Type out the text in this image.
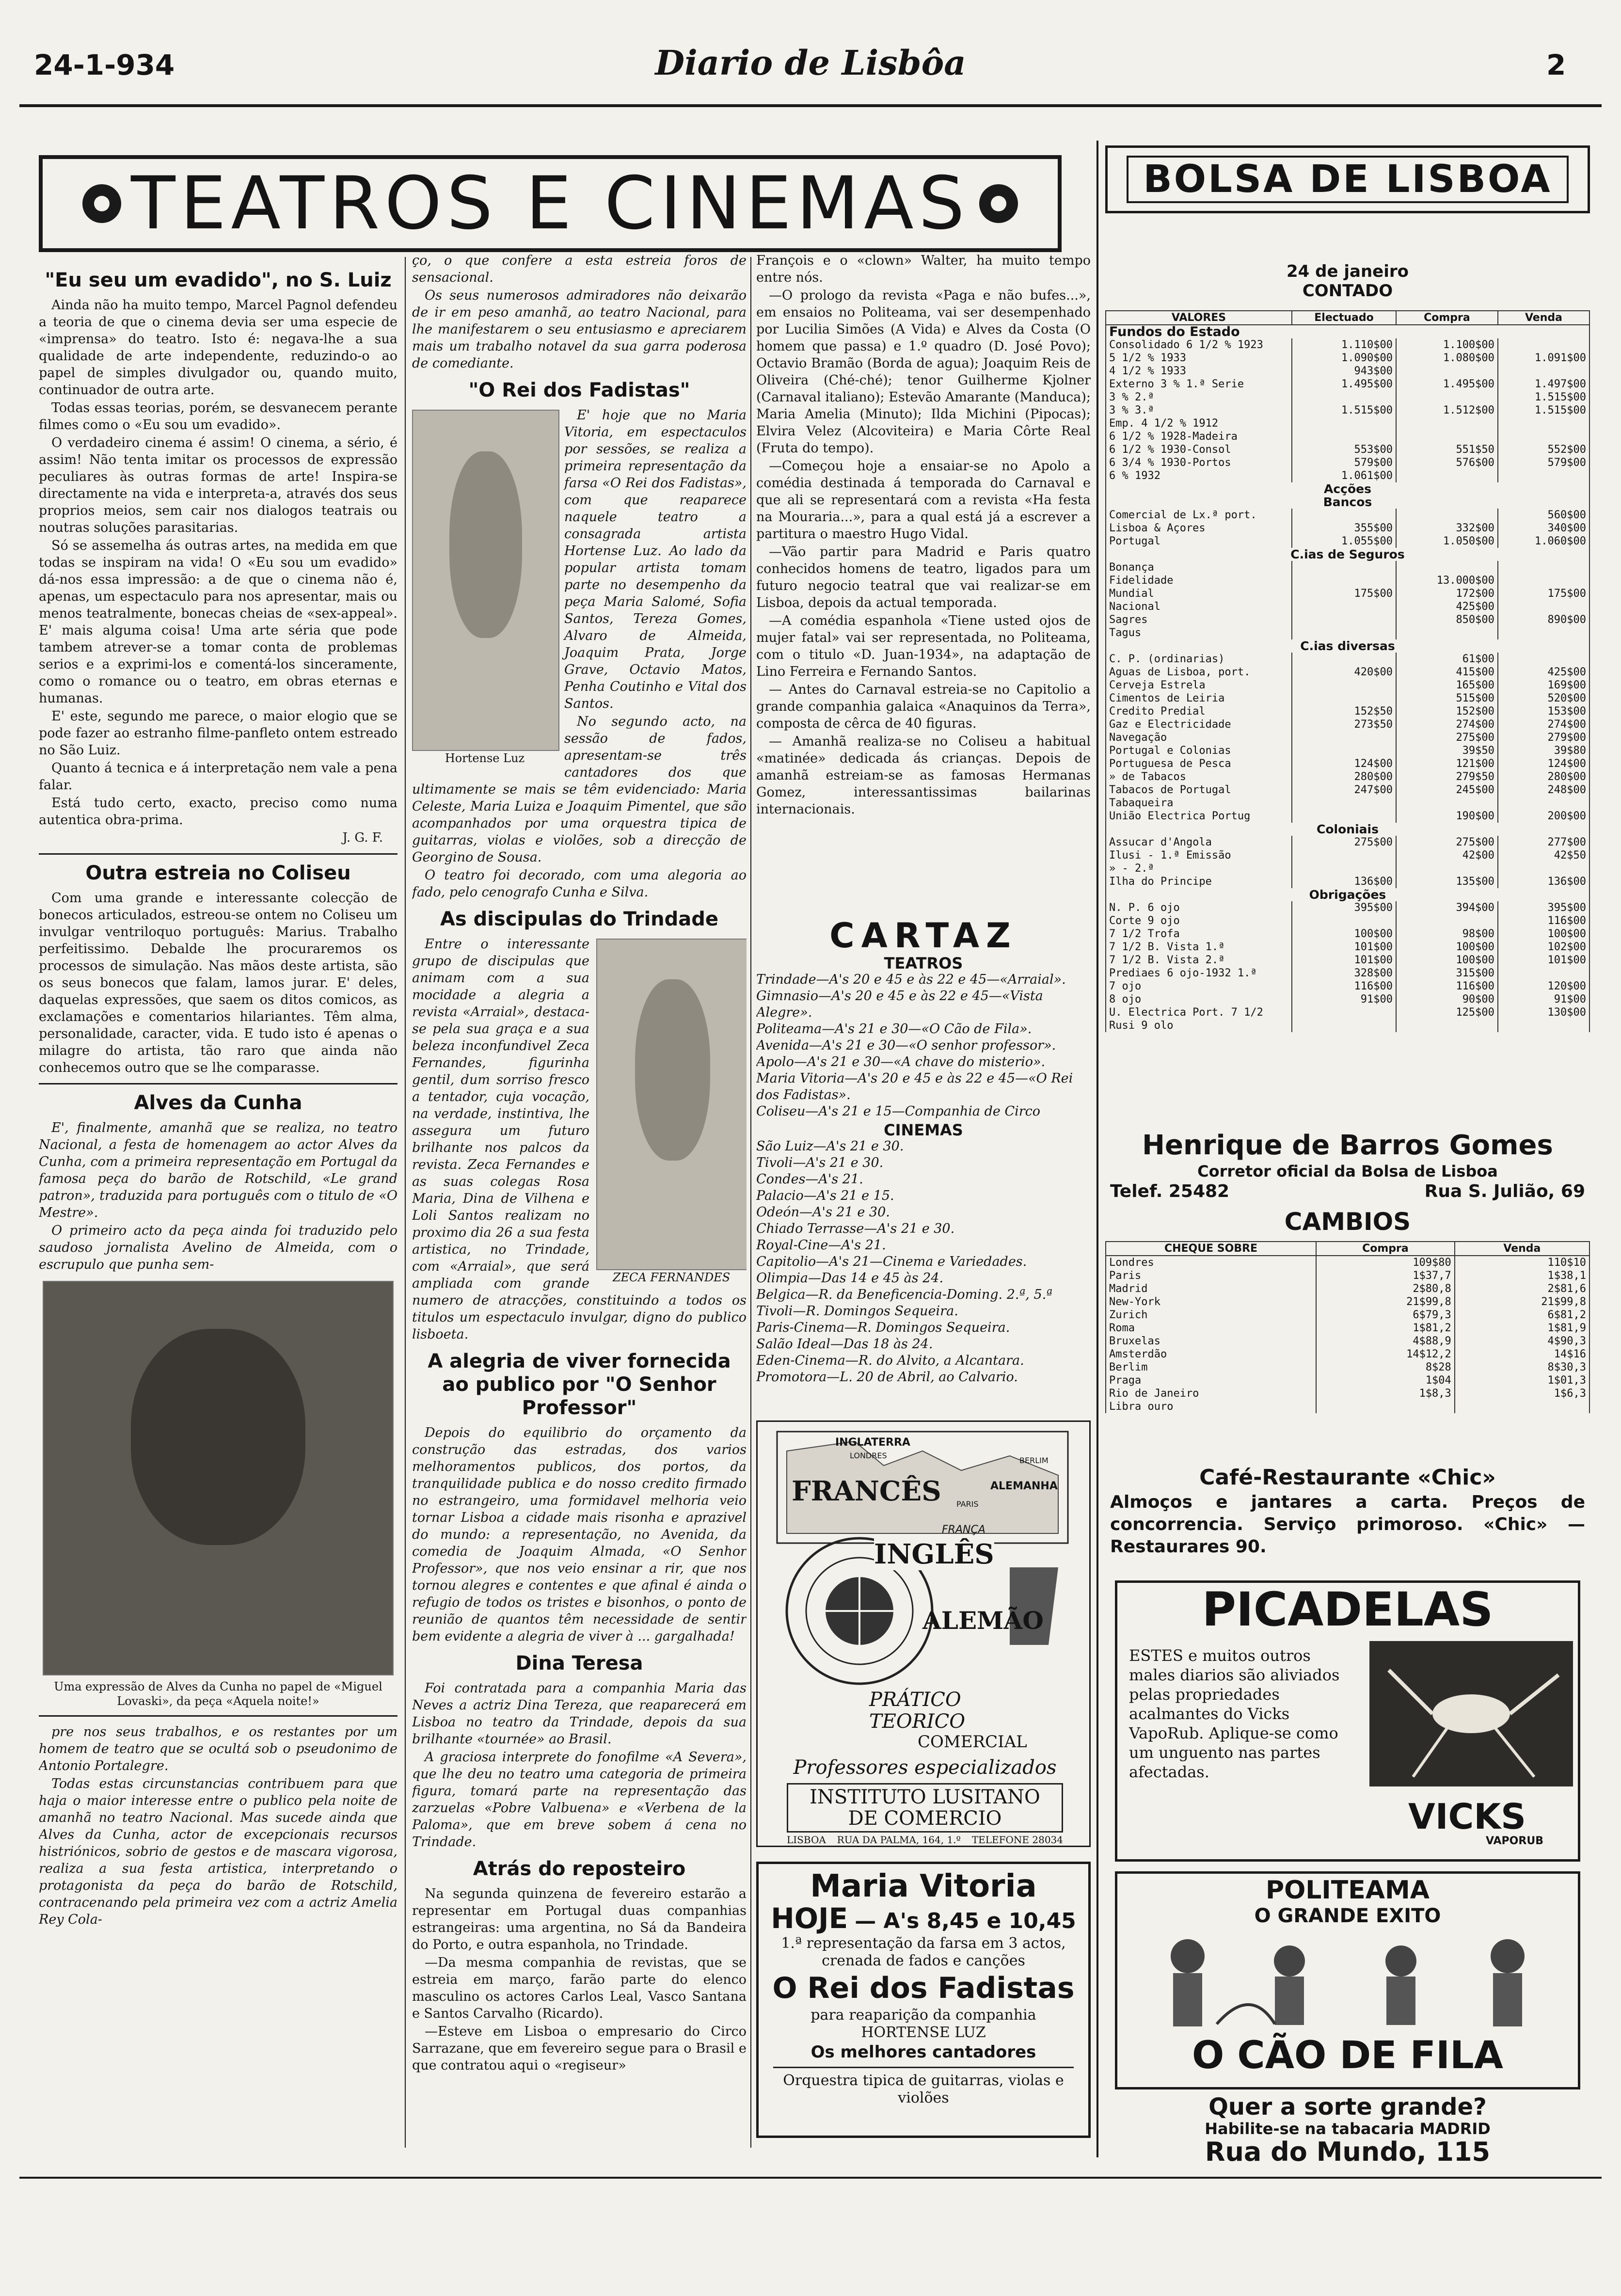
24-1-934	Diario de Lisbôa	2
TEATROS E CINEMAS
"Eu seu um evadido", no S. Luiz

Ainda não ha muito tempo, Marcel Pagnol defendeu a teoria de que o cinema devia ser uma especie de «imprensa» do teatro. Isto é: negava-lhe a sua qualidade de arte independente, reduzindo-o ao papel de simples divulgador ou, quando muito, continuador de outra arte.

Todas essas teorias, porém, se desvanecem perante filmes como o «Eu sou um evadido».

O verdadeiro cinema é assim! O cinema, a sério, é assim! Não tenta imitar os processos de expressão peculiares às outras formas de arte! Inspira-se directamente na vida e interpreta-a, através dos seus proprios meios, sem cair nos dialogos teatrais ou noutras soluções parasitarias.

Só se assemelha ás outras artes, na medida em que todas se inspiram na vida! O «Eu sou um evadido» dá-nos essa impressão: a de que o cinema não é, apenas, um espectaculo para nos apresentar, mais ou menos teatralmente, bonecas cheias de «sex-appeal». E' mais alguma coisa! Uma arte séria que pode tambem atrever-se a tomar conta de problemas serios e a exprimi-los e comentá-los sinceramente, como o romance ou o teatro, em obras eternas e humanas.

E' este, segundo me parece, o maior elogio que se pode fazer ao estranho filme-panfleto ontem estreado no São Luiz.

Quanto á tecnica e á interpretação nem vale a pena falar.

Está tudo certo, exacto, preciso como numa autentica obra-prima.

J. G. F.
Outra estreia no Coliseu

Com uma grande e interessante colecção de bonecos articulados, estreou-se ontem no Coliseu um invulgar ventriloquo português: Marius. Trabalho perfeitissimo. Debalde lhe procuraremos os processos de simulação. Nas mãos deste artista, são os seus bonecos que falam, lamos jurar. E' deles, daquelas expressões, que saem os ditos comicos, as exclamações e comentarios hilariantes. Têm alma, personalidade, caracter, vida. E tudo isto é apenas o milagre do artista, tão raro que ainda não conhecemos outro que se lhe comparasse.

Alves da Cunha

E', finalmente, amanhã que se realiza, no teatro Nacional, a festa de homenagem ao actor Alves da Cunha, com a primeira representação em Portugal da famosa peça do barão de Rotschild, «Le grand patron», traduzida para português com o titulo de «O Mestre».

O primeiro acto da peça ainda foi traduzido pelo saudoso jornalista Avelino de Almeida, com o escrupulo que punha sem-

Uma expressão de Alves da Cunha no papel de «Miguel Lovaski», da peça «Aquela noite!»

pre nos seus trabalhos, e os restantes por um homem de teatro que se ocultá sob o pseudonimo de Antonio Portalegre.

Todas estas circunstancias contribuem para que haja o maior interesse entre o publico pela noite de amanhã no teatro Nacional. Mas sucede ainda que Alves da Cunha, actor de excepcionais recursos histriónicos, sobrio de gestos e de mascara vigorosa, realiza a sua festa artistica, interpretando o protagonista da peça do barão de Rotschild, contracenando pela primeira vez com a actriz Amelia Rey Cola-

ço, o que confere a esta estreia foros de sensacional.

Os seus numerosos admiradores não deixarão de ir em peso amanhã, ao teatro Nacional, para lhe manifestarem o seu entusiasmo e apreciarem mais um trabalho notavel da sua garra poderosa de comediante.

"O Rei dos Fadistas"
Hortense Luz

E' hoje que no Maria Vitoria, em espectaculos por sessões, se realiza a primeira representação da farsa «O Rei dos Fadistas», com que reaparece naquele teatro a consagrada artista Hortense Luz. Ao lado da popular artista tomam parte no desempenho da peça Maria Salomé, Sofia Santos, Tereza Gomes, Alvaro de Almeida, Joaquim Prata, Jorge Grave, Octavio Matos, Penha Coutinho e Vital dos Santos.

No segundo acto, na sessão de fados, apresentam-se três cantadores dos que ultimamente se mais se têm evidenciado: Maria Celeste, Maria Luiza e Joaquim Pimentel, que são acompanhados por uma orquestra tipica de guitarras, violas e violões, sob a direcção de Georgino de Sousa.

O teatro foi decorado, com uma alegoria ao fado, pelo cenografo Cunha e Silva.

As discipulas do Trindade
ZECA FERNANDES

Entre o interessante grupo de discipulas que animam com a sua mocidade a alegria a revista «Arraial», destaca-se pela sua graça e a sua beleza inconfundivel Zeca Fernandes, figurinha gentil, dum sorriso fresco a tentador, cuja vocação, na verdade, instintiva, lhe assegura um futuro brilhante nos palcos da revista. Zeca Fernandes e as suas colegas Rosa Maria, Dina de Vilhena e Loli Santos realizam no proximo dia 26 a sua festa artistica, no Trindade, com «Arraial», que será ampliada com grande numero de atracções, constituindo a todos os titulos um espectaculo invulgar, digno do publico lisboeta.

A alegria de viver fornecida ao publico por "O Senhor Professor"

Depois do equilibrio do orçamento da construção das estradas, dos varios melhoramentos publicos, dos portos, da tranquilidade publica e do nosso credito firmado no estrangeiro, uma formidavel melhoria veio tornar Lisboa a cidade mais risonha e aprazivel do mundo: a representação, no Avenida, da comedia de Joaquim Almada, «O Senhor Professor», que nos veio ensinar a rir, que nos tornou alegres e contentes e que afinal é ainda o refugio de todos os tristes e bisonhos, o ponto de reunião de quantos têm necessidade de sentir bem evidente a alegria de viver à ... gargalhada!

Dina Teresa

Foi contratada para a companhia Maria das Neves a actriz Dina Tereza, que reaparecerá em Lisboa no teatro da Trindade, depois da sua brilhante «tournée» ao Brasil.

A graciosa interprete do fonofilme «A Severa», que lhe deu no teatro uma categoria de primeira figura, tomará parte na representação das zarzuelas «Pobre Valbuena» e «Verbena de la Paloma», que em breve sobem á cena no Trindade.

Atrás do reposteiro

Na segunda quinzena de fevereiro estarão a representar em Portugal duas companhias estrangeiras: uma argentina, no Sá da Bandeira do Porto, e outra espanhola, no Trindade.

—Da mesma companhia de revistas, que se estreia em março, farão parte do elenco masculino os actores Carlos Leal, Vasco Santana e Santos Carvalho (Ricardo).

—Esteve em Lisboa o empresario do Circo Sarrazane, que em fevereiro segue para o Brasil e que contratou aqui o «regiseur»

François e o «clown» Walter, ha muito tempo entre nós.

—O prologo da revista «Paga e não bufes...», em ensaios no Politeama, vai ser desempenhado por Lucilia Simões (A Vida) e Alves da Costa (O homem que passa) e 1.º quadro (D. José Povo); Octavio Bramão (Borda de agua); Joaquim Reis de Oliveira (Ché-ché); tenor Guilherme Kjolner (Carnaval italiano); Estevão Amarante (Manduca); Maria Amelia (Minuto); Ilda Michini (Pipocas); Elvira Velez (Alcoviteira) e Maria Côrte Real (Fruta do tempo).

—Começou hoje a ensaiar-se no Apolo a comédia destinada á temporada do Carnaval e que ali se representará com a revista «Ha festa na Mouraria...», para a qual está já a escrever a partitura o maestro Hugo Vidal.

—Vão partir para Madrid e Paris quatro conhecidos homens de teatro, ligados para um futuro negocio teatral que vai realizar-se em Lisboa, depois da actual temporada.

—A comédia espanhola «Tiene usted ojos de mujer fatal» vai ser representada, no Politeama, com o titulo «D. Juan-1934», na adaptação de Lino Ferreira e Fernando Santos.

— Antes do Carnaval estreia-se no Capitolio a grande companhia galaica «Anaquinos da Terra», composta de cêrca de 40 figuras.

— Amanhã realiza-se no Coliseu a habitual «matinée» dedicada ás crianças. Depois de amanhã estreiam-se as famosas Hermanas Gomez, interessantissimas bailarinas internacionais.

CARTAZ
TEATROS
Trindade—A's 20 e 45 e às 22 e 45—«Arraial».
Gimnasio—A's 20 e 45 e às 22 e 45—«Vista Alegre».
Politeama—A's 21 e 30—«O Cão de Fila».
Avenida—A's 21 e 30—«O senhor professor».
Apolo—A's 21 e 30—«A chave do misterio».
Maria Vitoria—A's 20 e 45 e às 22 e 45—«O Rei dos Fadistas».
Coliseu—A's 21 e 15—Companhia de Circo
CINEMAS
São Luiz—A's 21 e 30.
Tivoli—A's 21 e 30.
Condes—A's 21.
Palacio—A's 21 e 15.
Odeón—A's 21 e 30.
Chiado Terrasse—A's 21 e 30.
Royal-Cine—A's 21.
Capitolio—A's 21—Cinema e Variedades.
Olimpia—Das 14 e 45 às 24.
Belgica—R. da Beneficencia-Doming. 2.ª, 5.ª
Tivoli—R. Domingos Sequeira.
Paris-Cinema—R. Domingos Sequeira.
Salão Ideal—Das 18 às 24.
Eden-Cinema—R. do Alvito, a Alcantara.
Promotora—L. 20 de Abril, ao Calvario.
INGLATERRA
LONDRES
PARIS
BERLIM
FRANÇA
ALEMANHA
FRANCÊS
INGLÊS
ALEMÃO
PRÁTICO
TEORICO
COMERCIAL
Professores especializados
INSTITUTO LUSITANO
DE COMERCIO
LISBOA RUA DA PALMA, 164, 1.º TELEFONE 28034
Maria Vitoria
HOJE — A's 8,45 e 10,45
1.ª representação da farsa em 3 actos, crenada de fados e canções
O Rei dos Fadistas
para reaparição da companhia HORTENSE LUZ
Os melhores cantadores
Orquestra tipica de guitarras, violas e violões
BOLSA DE LISBOA
24 de janeiro
CONTADO
VALORES	Electuado	Compra	Venda
Fundos do Estado			
Consolidado 6 1/2 % 1923	1.110$00	1.100$00	
5 1/2 % 1933	1.090$00	1.080$00	1.091$00
4 1/2 % 1933	943$00		
Externo 3 % 1.ª Serie	1.495$00	1.495$00	1.497$00
3 % 2.ª			1.515$00
3 % 3.ª	1.515$00	1.512$00	1.515$00
Emp. 4 1/2 % 1912			
6 1/2 % 1928-Madeira			
6 1/2 % 1930-Consol	553$00	551$50	552$00
6 3/4 % 1930-Portos	579$00	576$00	579$00
6 % 1932	1.061$00		
Acções			
Bancos			
Comercial de Lx.ª port.			560$00
Lisboa & Açores	355$00	332$00	340$00
Portugal	1.055$00	1.050$00	1.060$00
C.ias de Seguros			
Bonança			
Fidelidade		13.000$00	
Mundial	175$00	172$00	175$00
Nacional		425$00	
Sagres		850$00	890$00
Tagus			
C.ias diversas			
C. P. (ordinarias)		61$00	
Aguas de Lisboa, port.	420$00	415$00	425$00
Cerveja Estrela		165$00	169$00
Cimentos de Leiria		515$00	520$00
Credito Predial	152$50	152$00	153$00
Gaz e Electricidade	273$50	274$00	274$00
Navegação		275$00	279$00
Portugal e Colonias		39$50	39$80
Portuguesa de Pesca	124$00	121$00	124$00
» de Tabacos	280$00	279$50	280$00
Tabacos de Portugal	247$00	245$00	248$00
Tabaqueira			
União Electrica Portug		190$00	200$00
Coloniais			
Assucar d'Angola	275$00	275$00	277$00
Ilusi - 1.ª Emissão		42$00	42$50
» - 2.ª			
Ilha do Principe	136$00	135$00	136$00
Obrigações			
N. P. 6 ojo	395$00	394$00	395$00
Corte 9 ojo			116$00
7 1/2 Trofa	100$00	98$00	100$00
7 1/2 B. Vista 1.ª	101$00	100$00	102$00
7 1/2 B. Vista 2.ª	101$00	100$00	101$00
Prediaes 6 ojo-1932 1.ª	328$00	315$00	
7 ojo	116$00	116$00	120$00
8 ojo	91$00	90$00	91$00
U. Electrica Port. 7 1/2		125$00	130$00
Rusi 9 olo			
Henrique de Barros Gomes
Corretor oficial da Bolsa de Lisboa
Telef. 25482	Rua S. Julião, 69
CAMBIOS
CHEQUE SOBRE	Compra	Venda
Londres	109$80	110$10
Paris	1$37,7	1$38,1
Madrid	2$80,8	2$81,6
New-York	21$99,8	21$99,8
Zurich	6$79,3	6$81,2
Roma	1$81,2	1$81,9
Bruxelas	4$88,9	4$90,3
Amsterdão	14$12,2	14$16
Berlim	8$28	8$30,3
Praga	1$04	1$01,3
Rio de Janeiro	1$8,3	1$6,3
Libra ouro		
Café-Restaurante «Chic»
Almoços e jantares a carta. Preços de concorrencia. Serviço primoroso. «Chic» — Restaurares 90.
PICADELAS
ESTES e muitos outros males diarios são aliviados pelas propriedades acalmantes do Vicks VapoRub. Aplique-se como um unguento nas partes afectadas.
VICKS
VAPORUB
POLITEAMA
O GRANDE EXITO
O CÃO DE FILA
Quer a sorte grande?
Habilite-se na tabacaria MADRID
Rua do Mundo, 115
